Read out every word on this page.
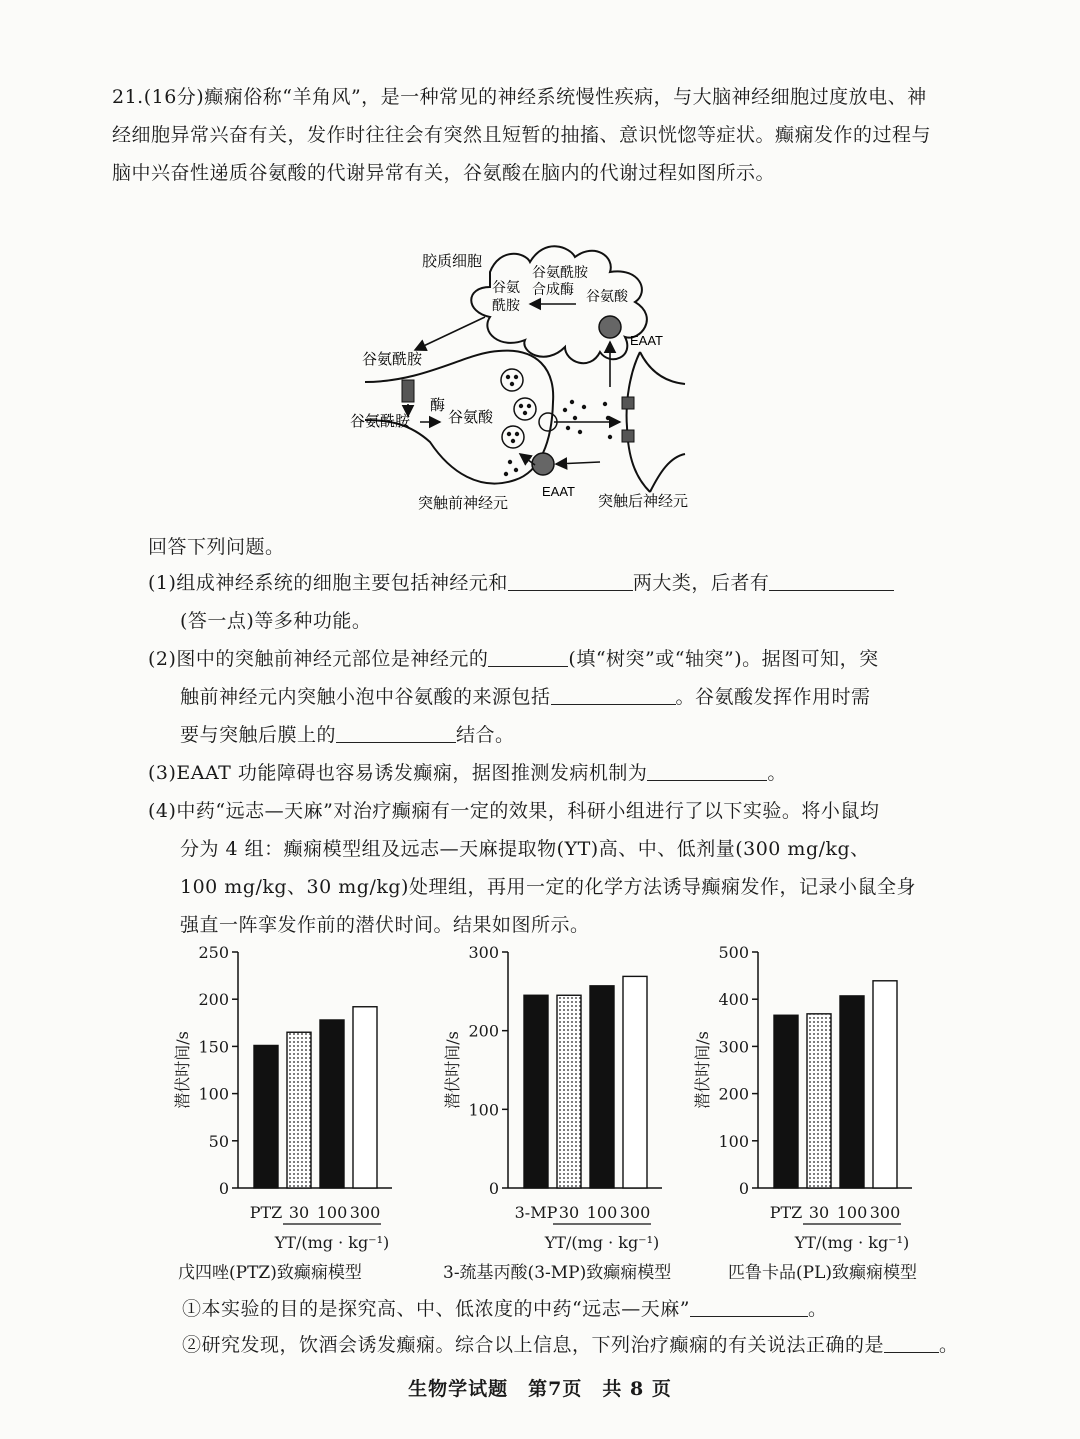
21.(16分)癫痫俗称“羊角风”，是一种常见的神经系统慢性疾病，与大脑神经细胞过度放电、神经细胞异常兴奋有关，发作时往往会有突然且短暂的抽搐、意识恍惚等症状。癫痫发作的过程与脑中兴奋性递质谷氨酸的代谢异常有关，谷氨酸在脑内的代谢过程如图所示。
胶质细胞
谷氨酰胺
合成酶
谷氨
酰胺
谷氨酸
EAAT
谷氨酰胺
谷氨酰胺
酶
谷氨酸
EAAT
突触前神经元	突触后神经元
回答下列问题。
(1)组成神经系统的细胞主要包括神经元和	两大类，后者有
(答一点)等多种功能。
(2)图中的突触前神经元部位是神经元的	(填“树突”或“轴突”)。据图可知，突
触前神经元内突触小泡中谷氨酸的来源包括	。谷氨酸发挥作用时需
要与突触后膜上的	结合。
(3)EAAT 功能障碍也容易诱发癫痫，据图推测发病机制为	。
(4)中药“远志—天麻”对治疗癫痫有一定的效果，科研小组进行了以下实验。将小鼠均
分为 4 组：癫痫模型组及远志—天麻提取物(YT)高、中、低剂量(300 mg/kg、
100 mg/kg、30 mg/kg)处理组，再用一定的化学方法诱导癫痫发作，记录小鼠全身
强直一阵挛发作前的潜伏时间。结果如图所示。
0
50
100
150
200
250
潜伏时间/s
PTZ 30 100 300
YT/(mg · kg⁻¹)
0
100
200
300
潜伏时间/s
3-MP 30 100 300
YT/(mg · kg⁻¹)
0
100
200
300
400
500
潜伏时间/s
PTZ 30 100 300
YT/(mg · kg⁻¹)
戊四唑(PTZ)致癫痫模型	3-巯基丙酸(3-MP)致癫痫模型	匹鲁卡品(PL)致癫痫模型
①本实验的目的是探究高、中、低浓度的中药“远志—天麻”	。
②研究发现，饮酒会诱发癫痫。综合以上信息，下列治疗癫痫的有关说法正确的是	。
生物学试题　第7页　共 8 页
